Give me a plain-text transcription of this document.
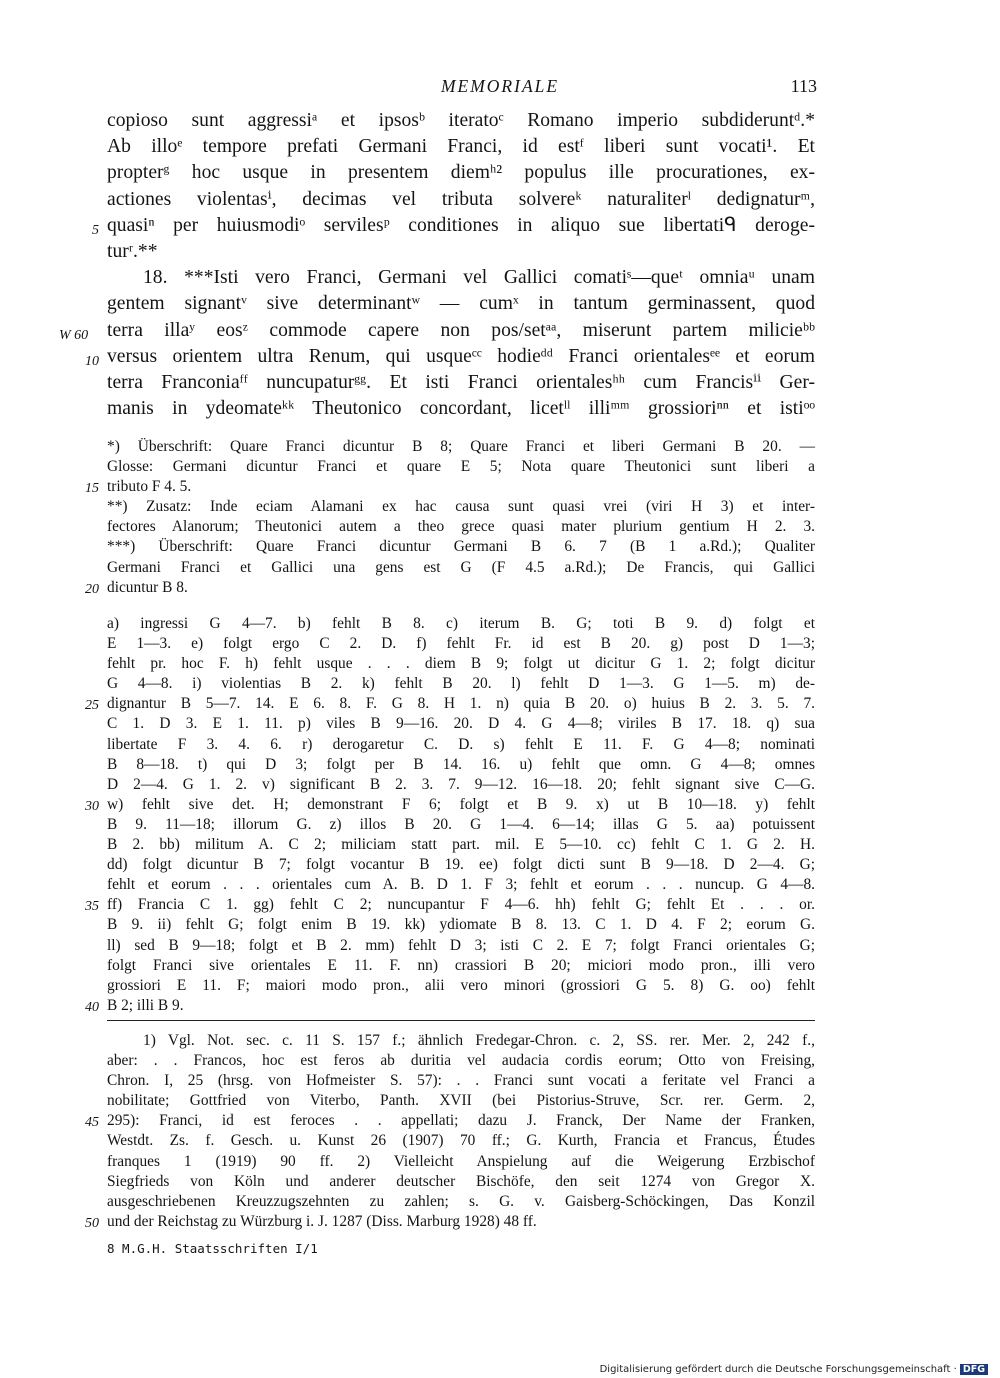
MEMORIALE	113
copioso sunt aggressiᵃ et ipsosᵇ iteratoᶜ Romano imperio subdideruntᵈ.*
Ab illoᵉ tempore prefati Germani Franci, id estᶠ liberi sunt vocati¹. Et
propterᵍ hoc usque in presentem diemʰ² populus ille procurationes, ex-
actiones violentasⁱ, decimas vel tributa solvereᵏ naturaliterˡ dedignaturᵐ,
5 quasiⁿ per huiusmodiᵒ servilesᵖ conditiones in aliquo sue libertatiᑫ deroge-
turʳ.**
18. ***Isti vero Franci, Germani vel Gallici comatiˢ—queᵗ omniaᵘ unam
gentem signantᵛ sive determinantʷ — cumˣ in tantum germinassent, quod
W 60 terra illaʸ eosᶻ commode capere non pos/setᵃᵃ, miserunt partem milicieᵇᵇ
10 versus orientem ultra Renum, qui usqueᶜᶜ hodieᵈᵈ Franci orientalesᵉᵉ et eorum
terra Franconiaᶠᶠ nuncupaturᵍᵍ. Et isti Franci orientalesʰʰ cum Francisⁱⁱ Ger-
manis in ydeomateᵏᵏ Theutonico concordant, licetˡˡ illiᵐᵐ grossioriⁿⁿ et istiᵒᵒ
*) Überschrift: Quare Franci dicuntur B 8; Quare Franci et liberi Germani B 20. —
Glosse: Germani dicuntur Franci et quare E 5; Nota quare Theutonici sunt liberi a
15 tributo F 4. 5.
**) Zusatz: Inde eciam Alamani ex hac causa sunt quasi vrei (viri H 3) et inter-
fectores Alanorum; Theutonici autem a theo grece quasi mater plurium gentium H 2. 3.
***) Überschrift: Quare Franci dicuntur Germani B 6. 7 (B 1 a.Rd.); Qualiter
Germani Franci et Gallici una gens est G (F 4.5 a.Rd.); De Francis, qui Gallici
20 dicuntur B 8.
a) ingressi G 4—7. b) fehlt B 8. c) iterum B. G; toti B 9. d) folgt et
E 1—3. e) folgt ergo C 2. D. f) fehlt Fr. id est B 20. g) post D 1—3;
fehlt pr. hoc F. h) fehlt usque . . . diem B 9; folgt ut dicitur G 1. 2; folgt dicitur
G 4—8. i) violentias B 2. k) fehlt B 20. l) fehlt D 1—3. G 1—5. m) de-
25 dignantur B 5—7. 14. E 6. 8. F. G 8. H 1. n) quia B 20. o) huius B 2. 3. 5. 7.
C 1. D 3. E 1. 11. p) viles B 9—16. 20. D 4. G 4—8; viriles B 17. 18. q) sua
libertate F 3. 4. 6. r) derogaretur C. D. s) fehlt E 11. F. G 4—8; nominati
B 8—18. t) qui D 3; folgt per B 14. 16. u) fehlt que omn. G 4—8; omnes
D 2—4. G 1. 2. v) significant B 2. 3. 7. 9—12. 16—18. 20; fehlt signant sive C—G.
30 w) fehlt sive det. H; demonstrant F 6; folgt et B 9. x) ut B 10—18. y) fehlt
B 9. 11—18; illorum G. z) illos B 20. G 1—4. 6—14; illas G 5. aa) potuissent
B 2. bb) militum A. C 2; miliciam statt part. mil. E 5—10. cc) fehlt C 1. G 2. H.
dd) folgt dicuntur B 7; folgt vocantur B 19. ee) folgt dicti sunt B 9—18. D 2—4. G;
fehlt et eorum . . . orientales cum A. B. D 1. F 3; fehlt et eorum . . . nuncup. G 4—8.
35 ff) Francia C 1. gg) fehlt C 2; nuncupantur F 4—6. hh) fehlt G; fehlt Et . . . or.
B 9. ii) fehlt G; folgt enim B 19. kk) ydiomate B 8. 13. C 1. D 4. F 2; eorum G.
ll) sed B 9—18; folgt et B 2. mm) fehlt D 3; isti C 2. E 7; folgt Franci orientales G;
folgt Franci sive orientales E 11. F. nn) crassiori B 20; miciori modo pron., illi vero
grossiori E 11. F; maiori modo pron., alii vero minori (grossiori G 5. 8) G. oo) fehlt
40 B 2; illi B 9.
1) Vgl. Not. sec. c. 11 S. 157 f.; ähnlich Fredegar-Chron. c. 2, SS. rer. Mer. 2, 242 f.,
aber: . . Francos, hoc est feros ab duritia vel audacia cordis eorum; Otto von Freising,
Chron. I, 25 (hrsg. von Hofmeister S. 57): . . Franci sunt vocati a feritate vel Franci a
nobilitate; Gottfried von Viterbo, Panth. XVII (bei Pistorius-Struve, Scr. rer. Germ. 2,
45 295): Franci, id est feroces . . appellati; dazu J. Franck, Der Name der Franken,
Westdt. Zs. f. Gesch. u. Kunst 26 (1907) 70 ff.; G. Kurth, Francia et Francus, Études
franques 1 (1919) 90 ff. 2) Vielleicht Anspielung auf die Weigerung Erzbischof
Siegfrieds von Köln und anderer deutscher Bischöfe, den seit 1274 von Gregor X.
ausgeschriebenen Kreuzzugszehnten zu zahlen; s. G. v. Gaisberg-Schöckingen, Das Konzil
50 und der Reichstag zu Würzburg i. J. 1287 (Diss. Marburg 1928) 48 ff.
8 M.G.H. Staatsschriften I/1
Digitalisierung gefördert durch die Deutsche Forschungsgemeinschaft · DFG
